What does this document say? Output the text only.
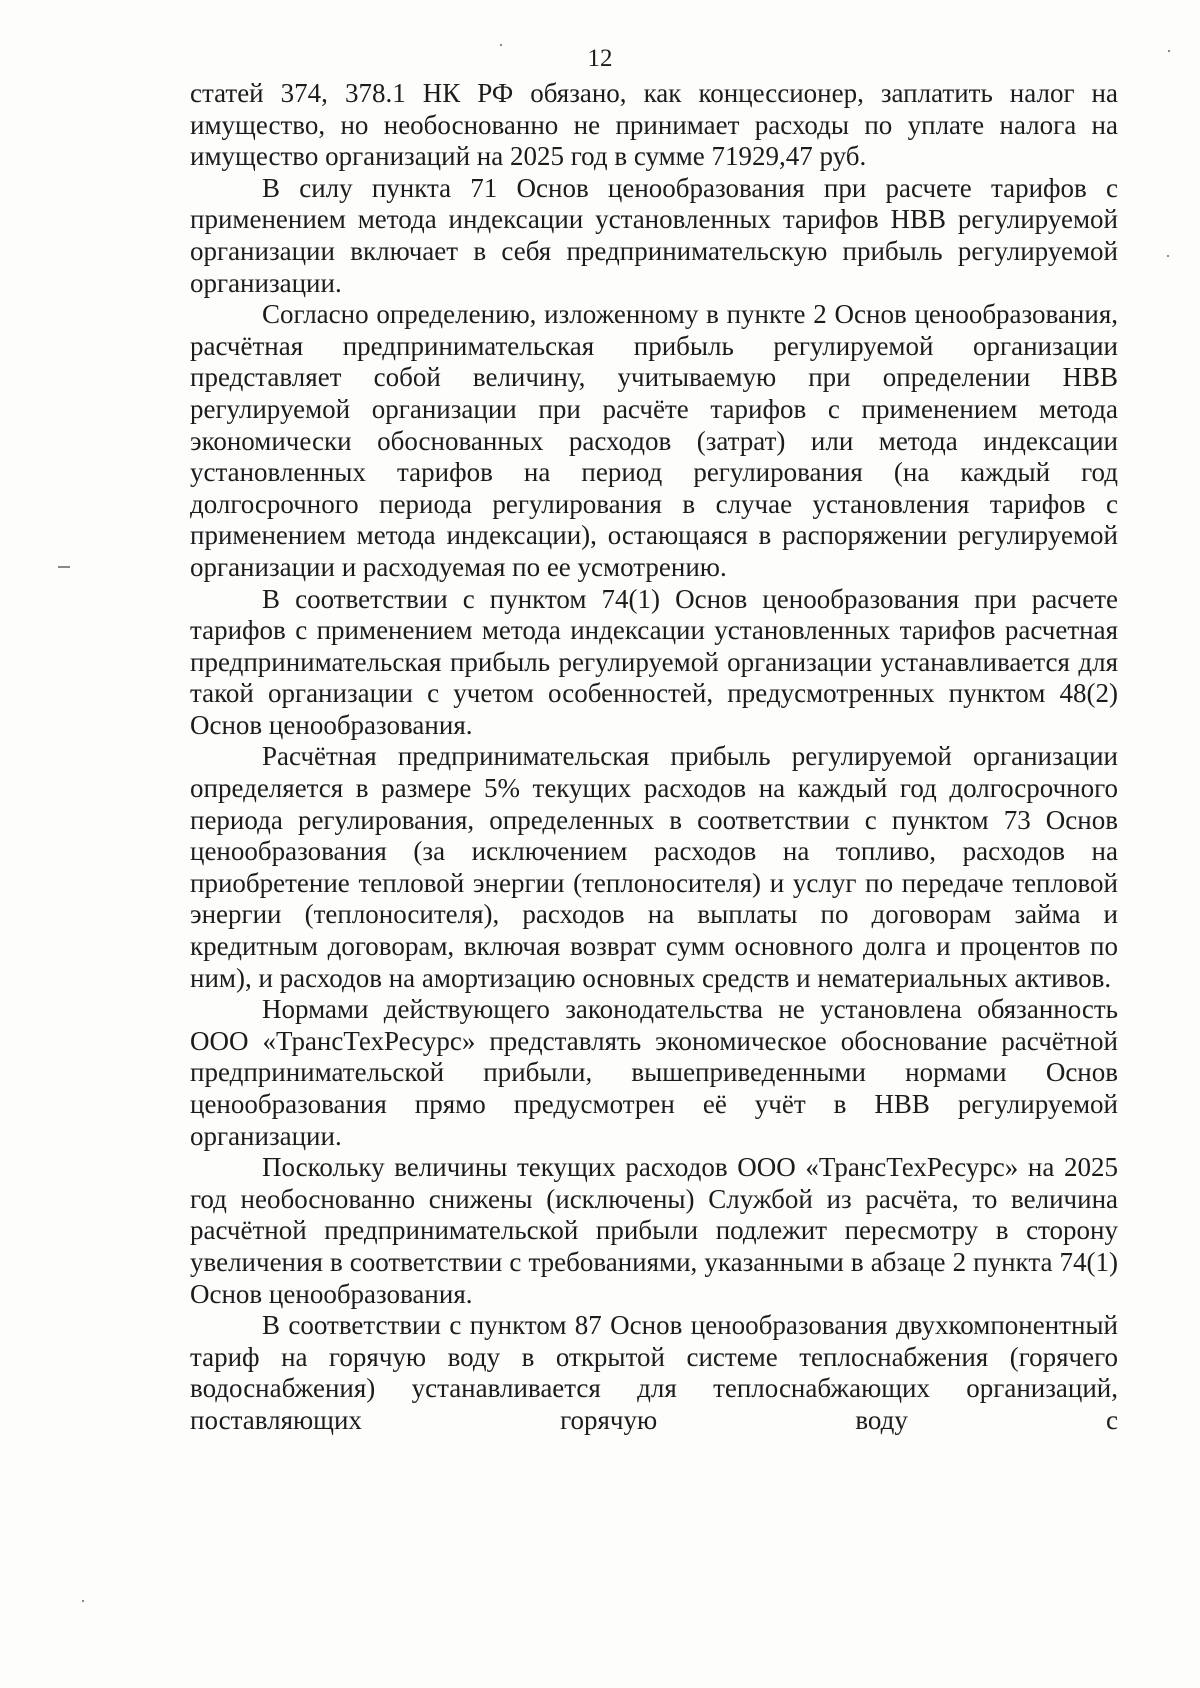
12

статей 374, 378.1 НК РФ обязано, как концессионер, заплатить налог на имущество, но необоснованно не принимает расходы по уплате налога на имущество организаций на 2025 год в сумме 71929,47 руб.

В силу пункта 71 Основ ценообразования при расчете тарифов с применением метода индексации установленных тарифов НВВ регулируемой организации включает в себя предпринимательскую прибыль регулируемой организации.

Согласно определению, изложенному в пункте 2 Основ ценообразования, расчётная предпринимательская прибыль регулируемой организации представляет собой величину, учитываемую при определении НВВ регулируемой организации при расчёте тарифов с применением метода экономически обоснованных расходов (затрат) или метода индексации установленных тарифов на период регулирования (на каждый год долгосрочного периода регулирования в случае установления тарифов с применением метода индексации), остающаяся в распоряжении регулируемой организации и расходуемая по ее усмотрению.

В соответствии с пунктом 74(1) Основ ценообразования при расчете тарифов с применением метода индексации установленных тарифов расчетная предпринимательская прибыль регулируемой организации устанавливается для такой организации с учетом особенностей, предусмотренных пунктом 48(2) Основ ценообразования.

Расчётная предпринимательская прибыль регулируемой организации определяется в размере 5% текущих расходов на каждый год долгосрочного периода регулирования, определенных в соответствии с пунктом 73 Основ ценообразования (за исключением расходов на топливо, расходов на приобретение тепловой энергии (теплоносителя) и услуг по передаче тепловой энергии (теплоносителя), расходов на выплаты по договорам займа и кредитным договорам, включая возврат сумм основного долга и процентов по ним), и расходов на амортизацию основных средств и нематериальных активов.

Нормами действующего законодательства не установлена обязанность ООО «ТрансТехРесурс» представлять экономическое обоснование расчётной предпринимательской прибыли, вышеприведенными нормами Основ ценообразования прямо предусмотрен её учёт в НВВ регулируемой организации.

Поскольку величины текущих расходов ООО «ТрансТехРесурс» на 2025 год необоснованно снижены (исключены) Службой из расчёта, то величина расчётной предпринимательской прибыли подлежит пересмотру в сторону увеличения в соответствии с требованиями, указанными в абзаце 2 пункта 74(1) Основ ценообразования.

В соответствии с пунктом 87 Основ ценообразования двухкомпонентный тариф на горячую воду в открытой системе теплоснабжения (горячего водоснабжения) устанавливается для теплоснабжающих организаций, поставляющих горячую воду с
